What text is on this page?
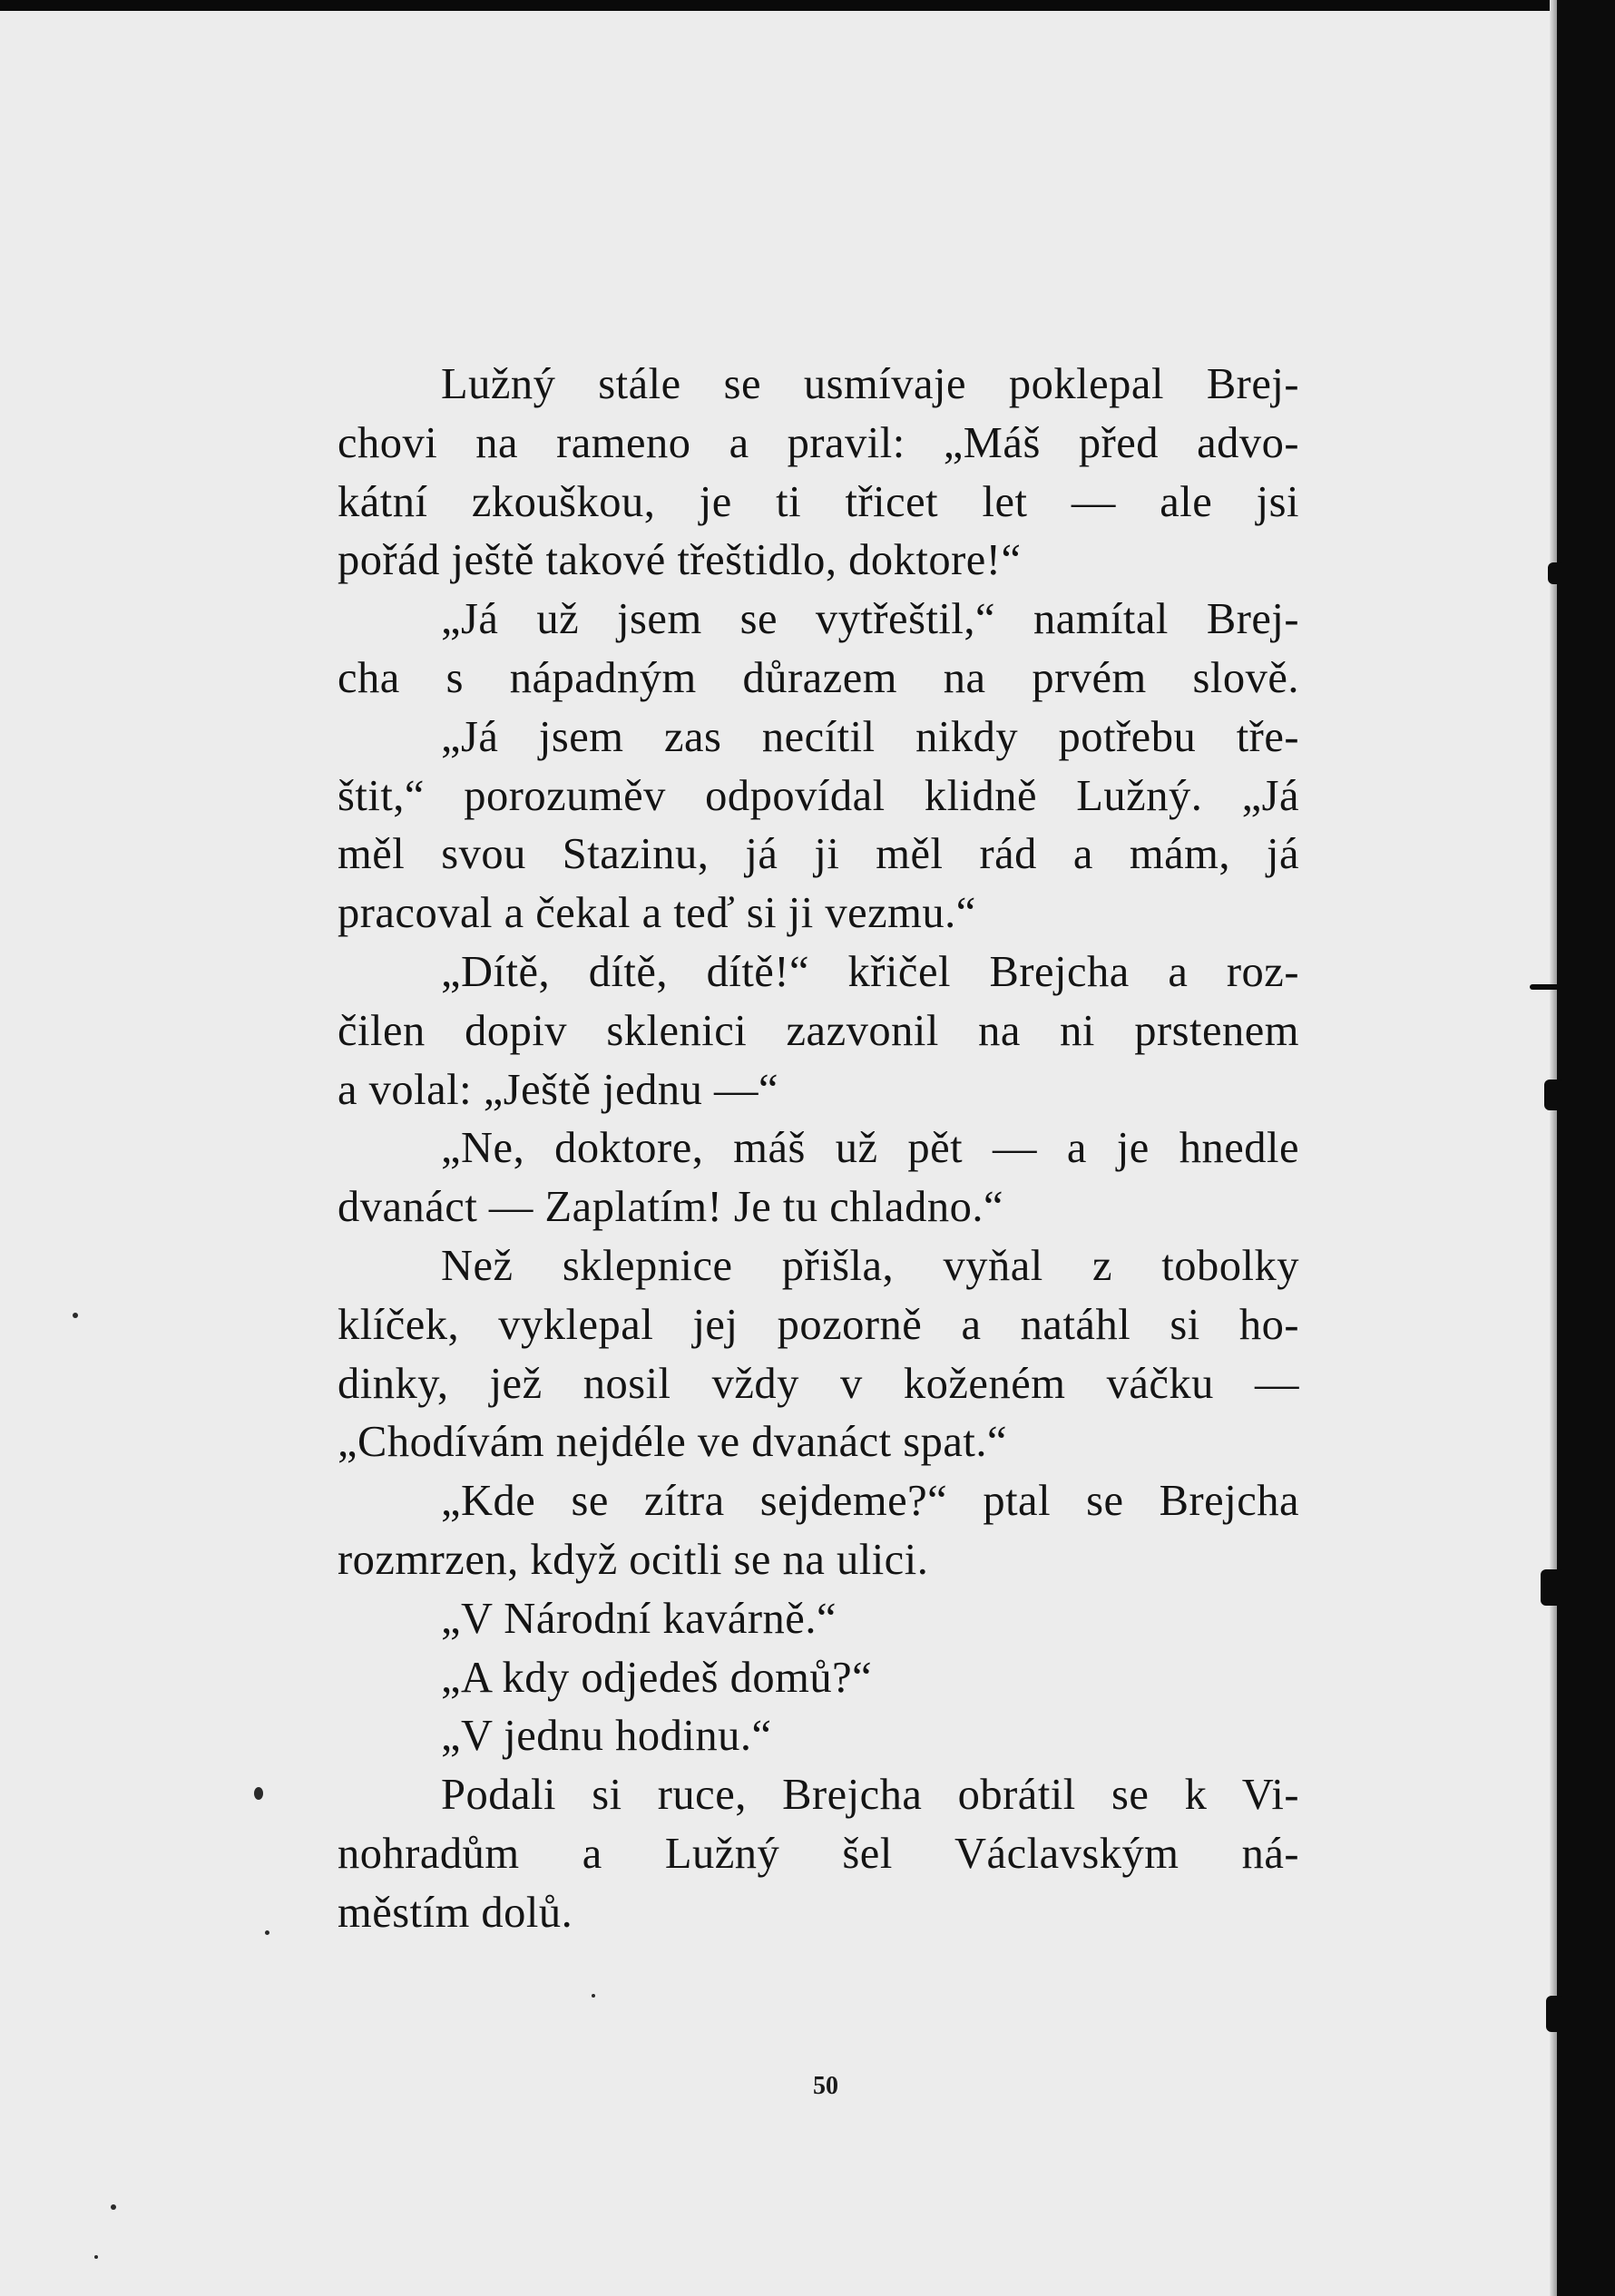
Lužný stále se usmívaje poklepal Brej-
chovi na rameno a pravil: „Máš před advo-
kátní zkouškou, je ti třicet let — ale jsi
pořád ještě takové třeštidlo, doktore!“
„Já už jsem se vytřeštil,“ namítal Brej-
cha s nápadným důrazem na prvém slově.
„Já jsem zas necítil nikdy potřebu tře-
štit,“ porozuměv odpovídal klidně Lužný. „Já
měl svou Stazinu, já ji měl rád a mám, já
pracoval a čekal a teď si ji vezmu.“
„Dítě, dítě, dítě!“ křičel Brejcha a roz-
čilen dopiv sklenici zazvonil na ni prstenem
a volal: „Ještě jednu —“
„Ne, doktore, máš už pět — a je hnedle
dvanáct — Zaplatím! Je tu chladno.“
Než sklepnice přišla, vyňal z tobolky
klíček, vyklepal jej pozorně a natáhl si ho-
dinky, jež nosil vždy v koženém váčku —
„Chodívám nejdéle ve dvanáct spat.“
„Kde se zítra sejdeme?“ ptal se Brejcha
rozmrzen, když ocitli se na ulici.
„V Národní kavárně.“
„A kdy odjedeš domů?“
„V jednu hodinu.“
Podali si ruce, Brejcha obrátil se k Vi-
nohradům a Lužný šel Václavským ná-
městím dolů.
50
